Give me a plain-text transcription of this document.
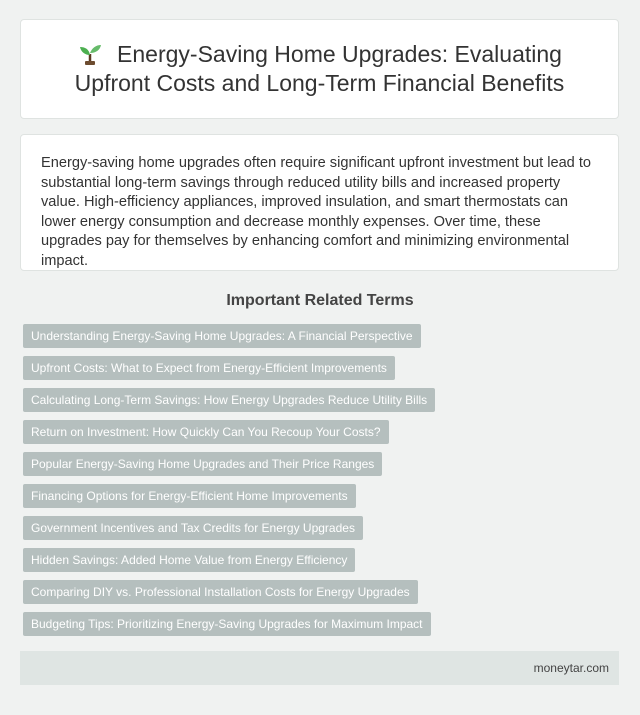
Energy-Saving Home Upgrades: Evaluating Upfront Costs and Long-Term Financial Benefits

Energy-saving home upgrades often require significant upfront investment but lead to substantial long-term savings through reduced utility bills and increased property value. High-efficiency appliances, improved insulation, and smart thermostats can lower energy consumption and decrease monthly expenses. Over time, these upgrades pay for themselves by enhancing comfort and minimizing environmental impact.

Important Related Terms
Understanding Energy-Saving Home Upgrades: A Financial Perspective
Upfront Costs: What to Expect from Energy-Efficient Improvements
Calculating Long-Term Savings: How Energy Upgrades Reduce Utility Bills
Return on Investment: How Quickly Can You Recoup Your Costs?
Popular Energy-Saving Home Upgrades and Their Price Ranges
Financing Options for Energy-Efficient Home Improvements
Government Incentives and Tax Credits for Energy Upgrades
Hidden Savings: Added Home Value from Energy Efficiency
Comparing DIY vs. Professional Installation Costs for Energy Upgrades
Budgeting Tips: Prioritizing Energy-Saving Upgrades for Maximum Impact
moneytar.com
